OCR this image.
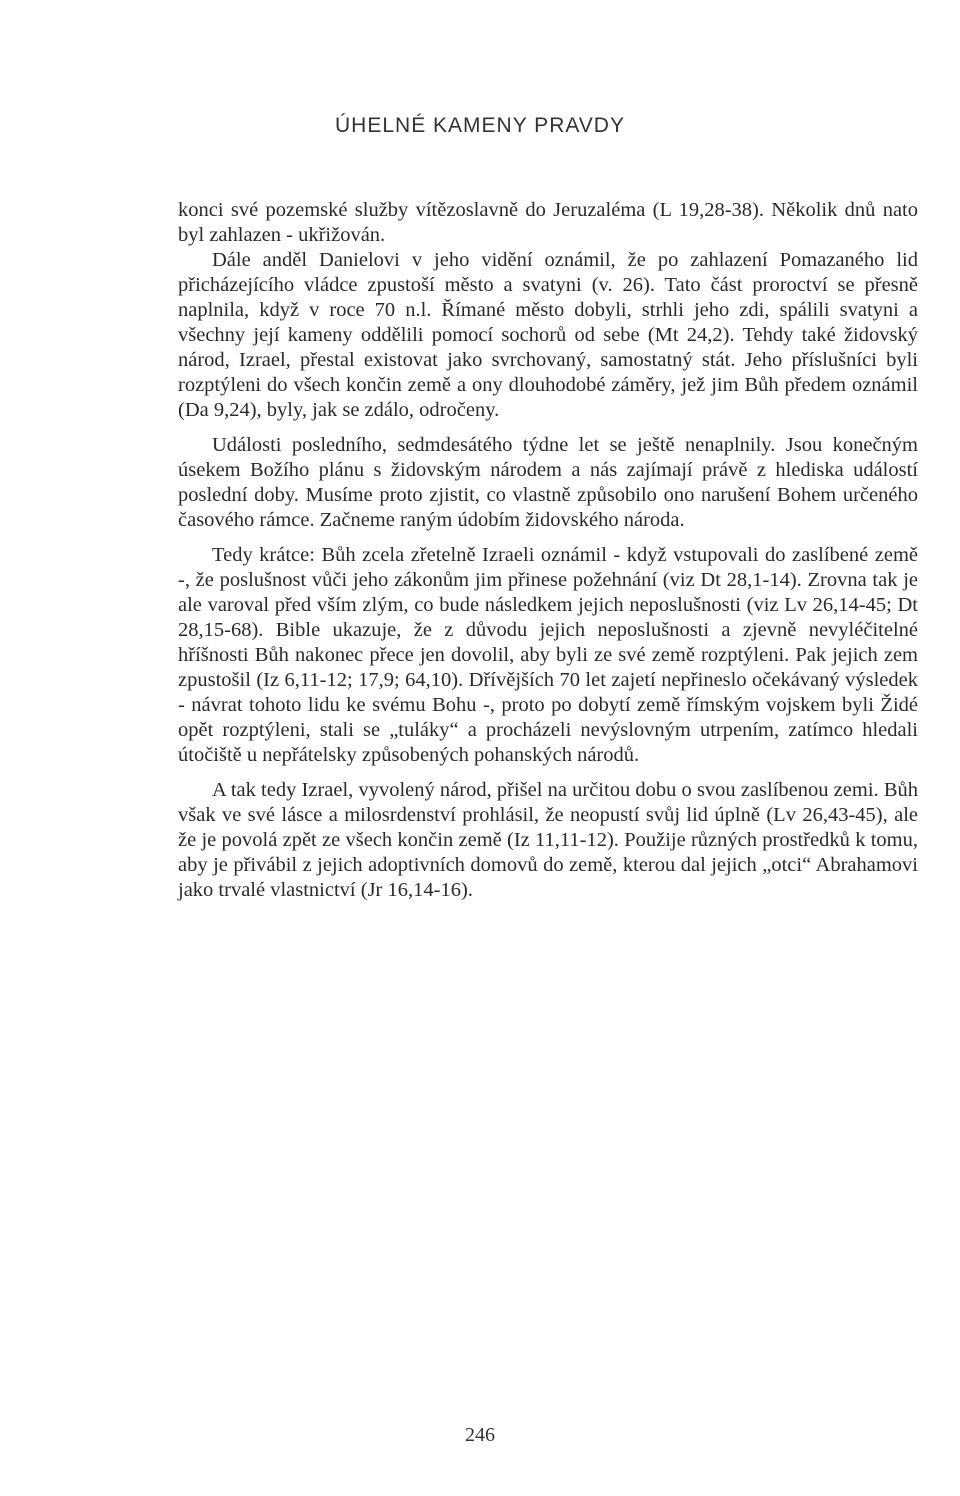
ÚHELNÉ KAMENY PRAVDY

konci své pozemské služby vítězoslavně do Jeruzaléma (L 19,28-38). Několik dnů nato byl zahlazen - ukřižován.

Dále anděl Danielovi v jeho vidění oznámil, že po zahlazení Pomazaného lid přicházejícího vládce zpustoší město a svatyni (v. 26). Tato část proroctví se přesně naplnila, když v roce 70 n.l. Římané město dobyli, strhli jeho zdi, spálili svatyni a všechny její kameny oddělili pomocí sochorů od sebe (Mt 24,2). Tehdy také židovský národ, Izrael, přestal existovat jako svrchovaný, samostatný stát. Jeho příslušníci byli rozptýleni do všech končin země a ony dlouhodobé záměry, jež jim Bůh předem oznámil (Da 9,24), byly, jak se zdálo, odročeny.

Události posledního, sedmdesátého týdne let se ještě nenaplnily. Jsou konečným úsekem Božího plánu s židovským národem a nás zajímají právě z hlediska událostí poslední doby. Musíme proto zjistit, co vlastně způsobilo ono narušení Bohem určeného časového rámce. Začneme raným údobím židovského národa.

Tedy krátce: Bůh zcela zřetelně Izraeli oznámil - když vstupovali do zaslíbené země -, že poslušnost vůči jeho zákonům jim přinese požehnání (viz Dt 28,1-14). Zrovna tak je ale varoval před vším zlým, co bude následkem jejich neposlušnosti (viz Lv 26,14-45; Dt 28,15-68). Bible ukazuje, že z důvodu jejich neposlušnosti a zjevně nevyléčitelné hříšnosti Bůh nakonec přece jen dovolil, aby byli ze své země rozptýleni. Pak jejich zem zpustošil (Iz 6,11-12; 17,9; 64,10). Dřívějších 70 let zajetí nepřineslo očekávaný výsledek - návrat tohoto lidu ke svému Bohu -, proto po dobytí země římským vojskem byli Židé opět rozptýleni, stali se „tuláky“ a procházeli nevýslovným utrpením, zatímco hledali útočiště u nepřátelsky způsobených pohanských národů.

A tak tedy Izrael, vyvolený národ, přišel na určitou dobu o svou zaslíbenou zemi. Bůh však ve své lásce a milosrdenství prohlásil, že neopustí svůj lid úplně (Lv 26,43-45), ale že je povolá zpět ze všech končin země (Iz 11,11-12). Použije různých prostředků k tomu, aby je přivábil z jejich adoptivních domovů do země, kterou dal jejich „otci“ Abrahamovi jako trvalé vlastnictví (Jr 16,14-16).

246
